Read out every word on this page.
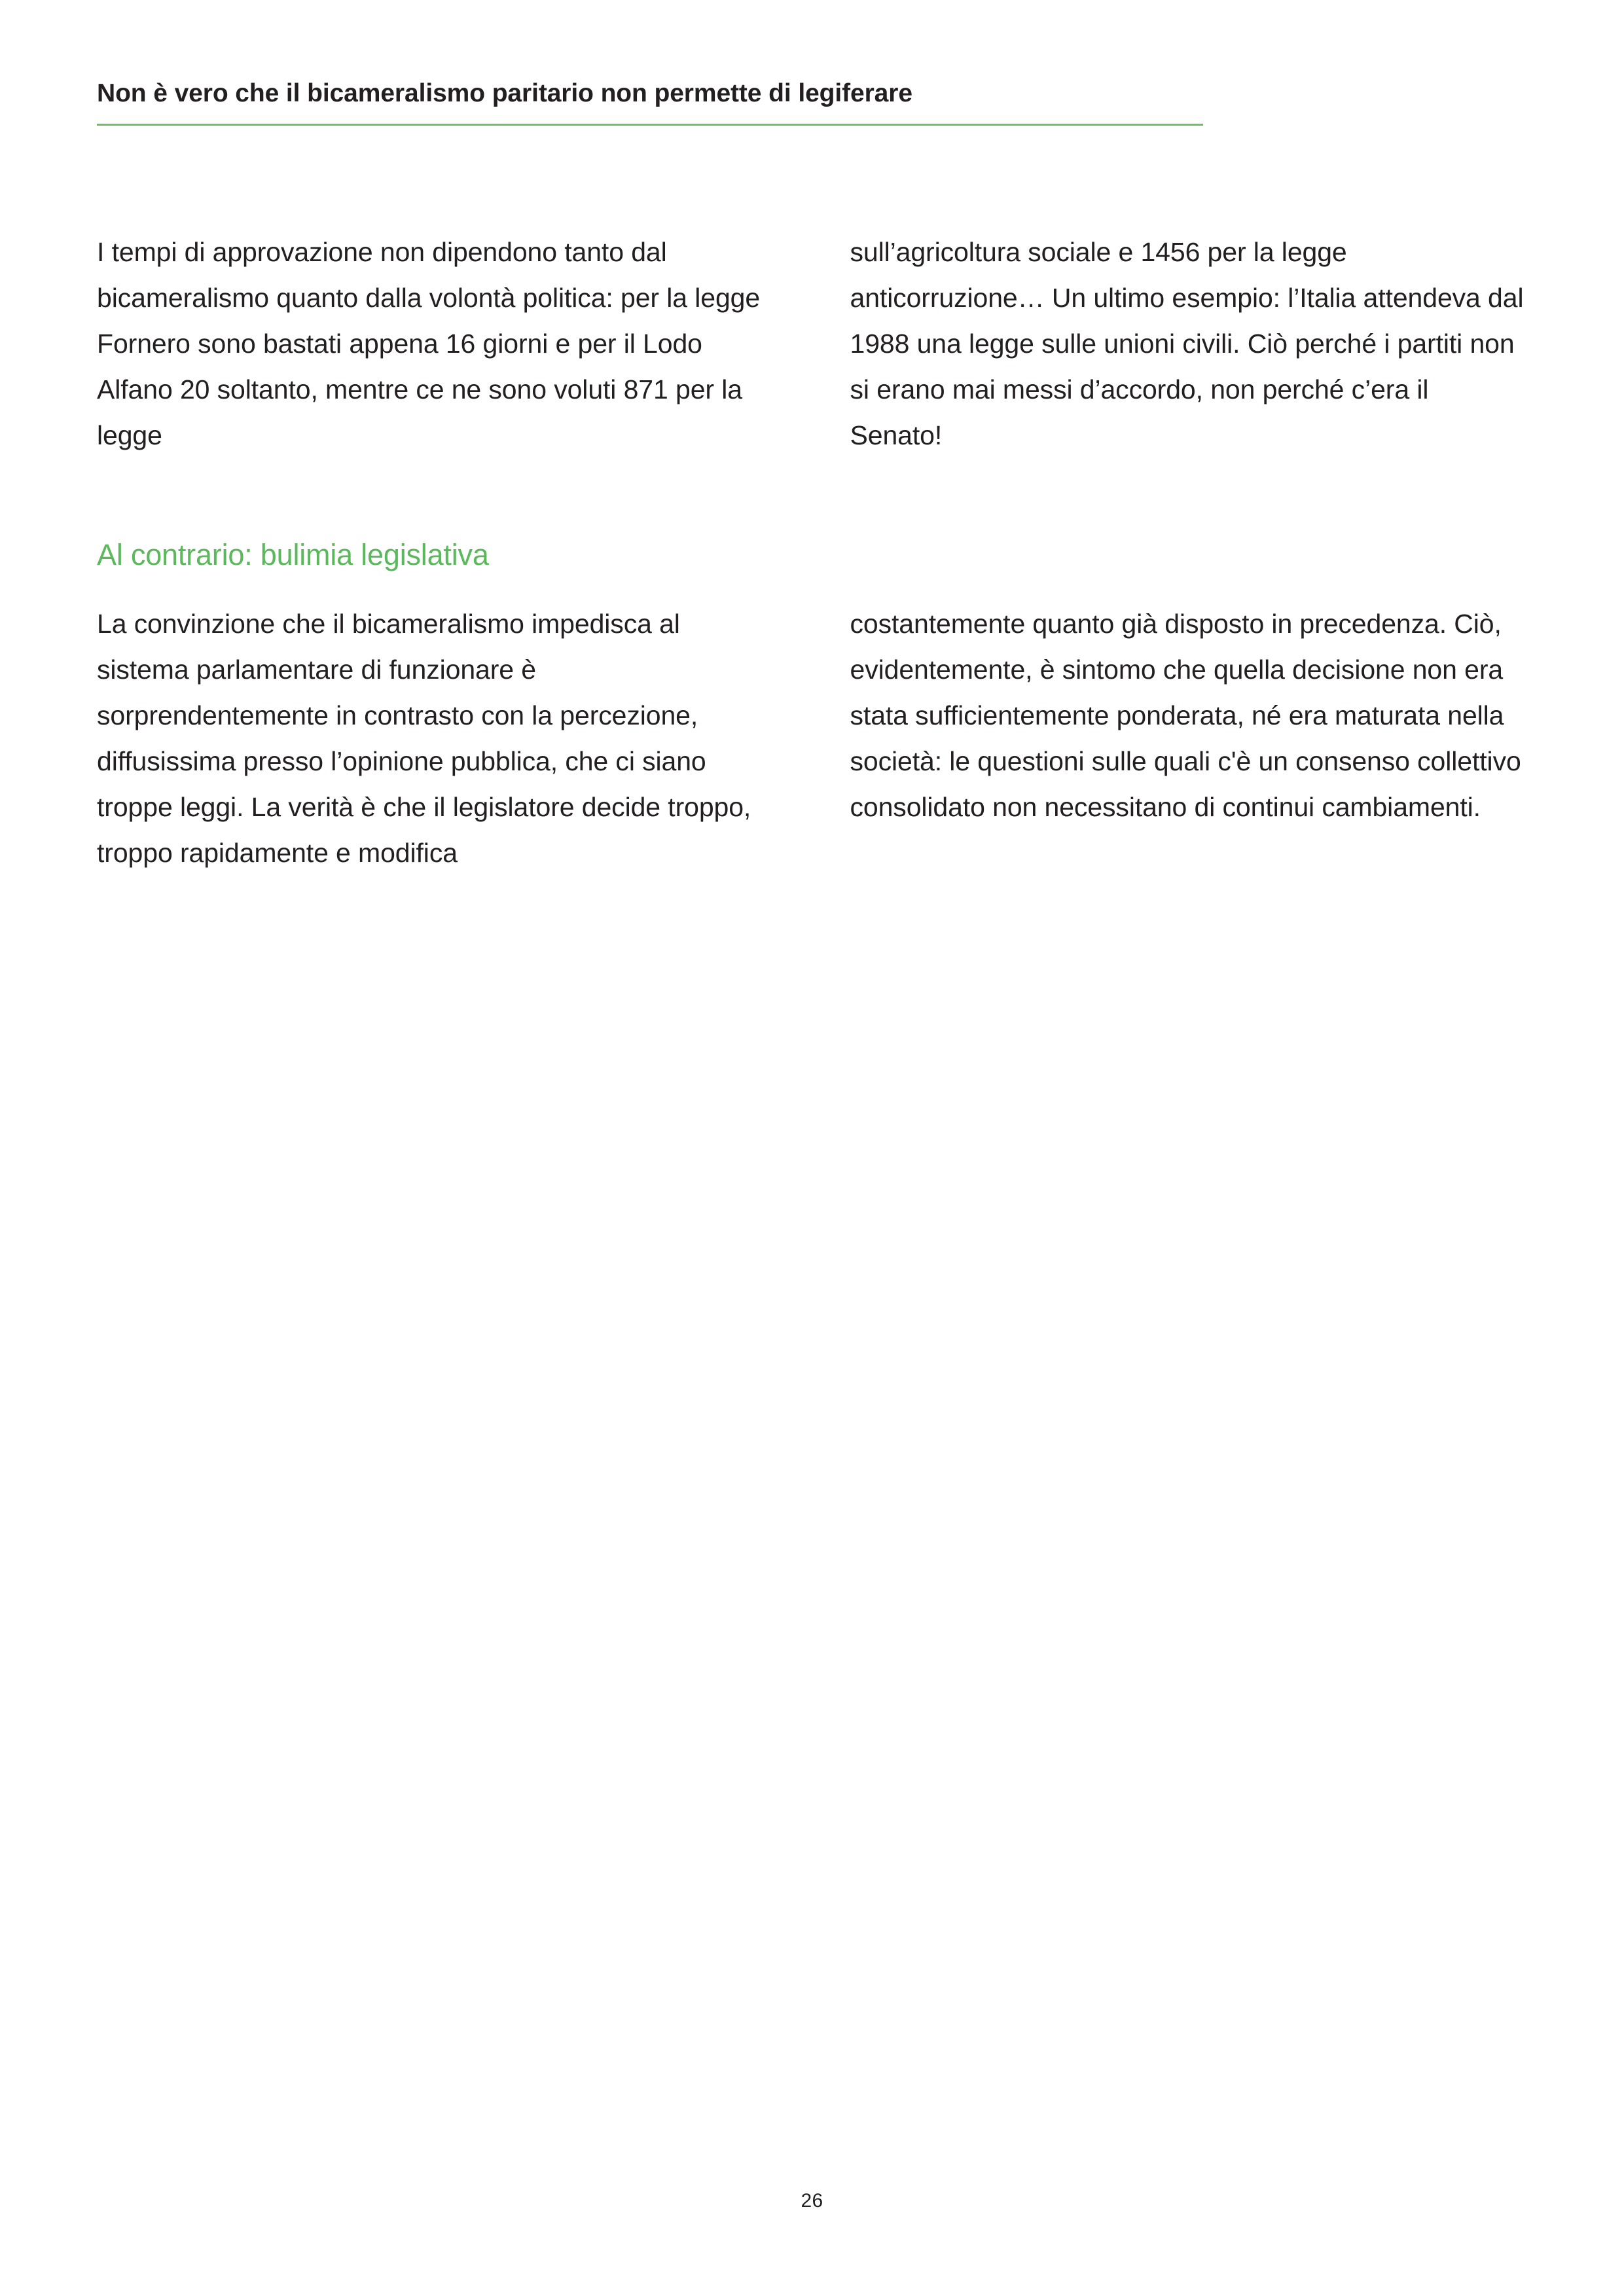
Non è vero che il bicameralismo paritario non permette di legiferare

I tempi di approvazione non dipendono tanto dal bicameralismo quanto dalla volontà politica: per la legge Fornero sono bastati appena 16 giorni e per il Lodo Alfano 20 soltanto, mentre ce ne sono voluti 871 per la legge

sull’agricoltura sociale e 1456 per la legge anticorruzione… Un ultimo esempio: l’Italia attendeva dal 1988 una legge sulle unioni civili. Ciò perché i partiti non si erano mai messi d’accordo, non perché c’era il Senato!

Al contrario: bulimia legislativa

La convinzione che il bicameralismo impedisca al sistema parlamentare di funzionare è sorprendentemente in contrasto con la percezione, diffusissima presso l’opinione pubblica, che ci siano troppe leggi. La verità è che il legislatore decide troppo, troppo rapidamente e modifica

costantemente quanto già disposto in precedenza. Ciò, evidentemente, è sintomo che quella decisione non era stata sufficientemente ponderata, né era maturata nella società: le questioni sulle quali c'è un consenso collettivo consolidato non necessitano di continui cambiamenti.

26
